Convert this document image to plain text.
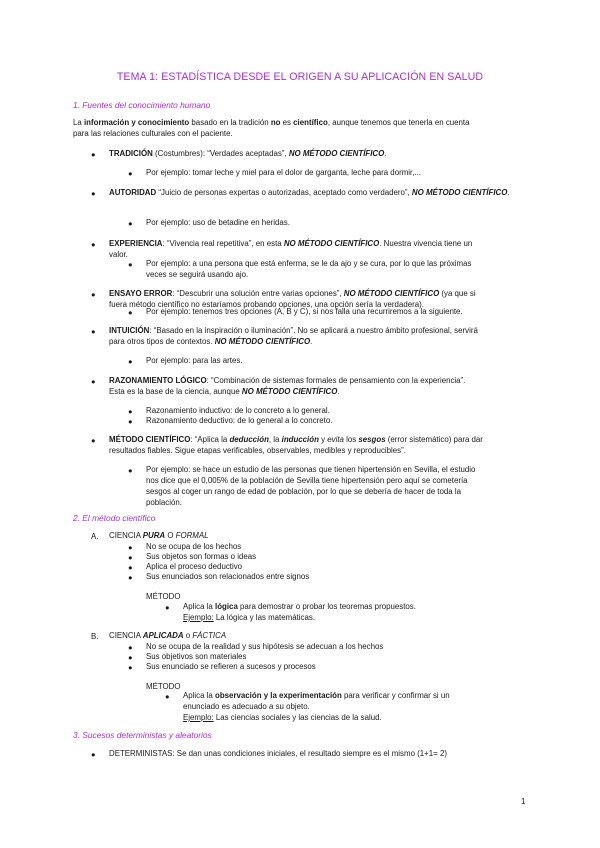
TEMA 1: ESTADÍSTICA DESDE EL ORIGEN A SU APLICACIÓN EN SALUD
1. Fuentes del conocimiento humano
La información y conocimiento basado en la tradición no es científico, aunque tenemos que tenerla en cuenta
para las relaciones culturales con el paciente.
● TRADICIÓN (Costumbres): “Verdades aceptadas”, NO MÉTODO CIENTÍFICO.
● Por ejemplo: tomar leche y miel para el dolor de garganta, leche para dormir,...
● AUTORIDAD “Juicio de personas expertas o autorizadas, aceptado como verdadero”, NO MÉTODO CIENTÍFICO.
● Por ejemplo: uso de betadine en heridas.
● EXPERIENCIA: “Vivencia real repetitiva”, en esta NO MÉTODO CIENTÍFICO. Nuestra vivencia tiene un
valor.
● Por ejemplo: a una persona que está enferma, se le da ajo y se cura, por lo que las próximas
veces se seguirá usando ajo.
● ENSAYO ERROR: “Descubrir una solución entre varias opciones”, NO MÉTODO CIENTÍFICO (ya que si
fuera método científico no estaríamos probando opciones, una opción sería la verdadera).
● Por ejemplo: tenemos tres opciones (A, B y C), si nos falla una recurriremos a la siguiente.
● INTUICIÓN: “Basado en la inspiración o iluminación”. No se aplicará a nuestro ámbito profesional, servirá
para otros tipos de contextos. NO MÉTODO CIENTÍFICO.
● Por ejemplo: para las artes.
● RAZONAMIENTO LÓGICO: “Combinación de sistemas formales de pensamiento con la experiencia”.
Esta es la base de la ciencia, aunque NO MÉTODO CIENTÍFICO.
● Razonamiento inductivo: de lo concreto a lo general.
● Razonamiento deductivo: de lo general a lo concreto.
● MÉTODO CIENTÍFICO: “Aplica la deducción, la inducción y evita los sesgos (error sistemático) para dar
resultados fiables. Sigue etapas verificables, observables, medibles y reproducibles”.
● Por ejemplo: se hace un estudio de las personas que tienen hipertensión en Sevilla, el estudio
nos dice que el 0,005% de la población de Sevilla tiene hipertensión pero aquí se cometería
sesgos al coger un rango de edad de población, por lo que se debería de hacer de toda la
población.
2. El método científico
A. CIENCIA PURA O FORMAL
● No se ocupa de los hechos
● Sus objetos son formas o ideas
● Aplica el proceso deductivo
● Sus enunciados son relacionados entre signos
MÉTODO
● Aplica la lógica para demostrar o probar los teoremas propuestos.
Ejemplo: La lógica y las matemáticas.
B. CIENCIA APLICADA o FÁCTICA
● No se ocupa de la realidad y sus hipótesis se adecuan a los hechos
● Sus objetivos son materiales
● Sus enunciado se refieren a sucesos y procesos
MÉTODO
● Aplica la observación y la experimentación para verificar y confirmar si un
enunciado es adecuado a su objeto.
Ejemplo: Las ciencias sociales y las ciencias de la salud.
3. Sucesos deterministas y aleatorios
● DETERMINISTAS: Se dan unas condiciones iniciales, el resultado siempre es el mismo (1+1= 2)
1
